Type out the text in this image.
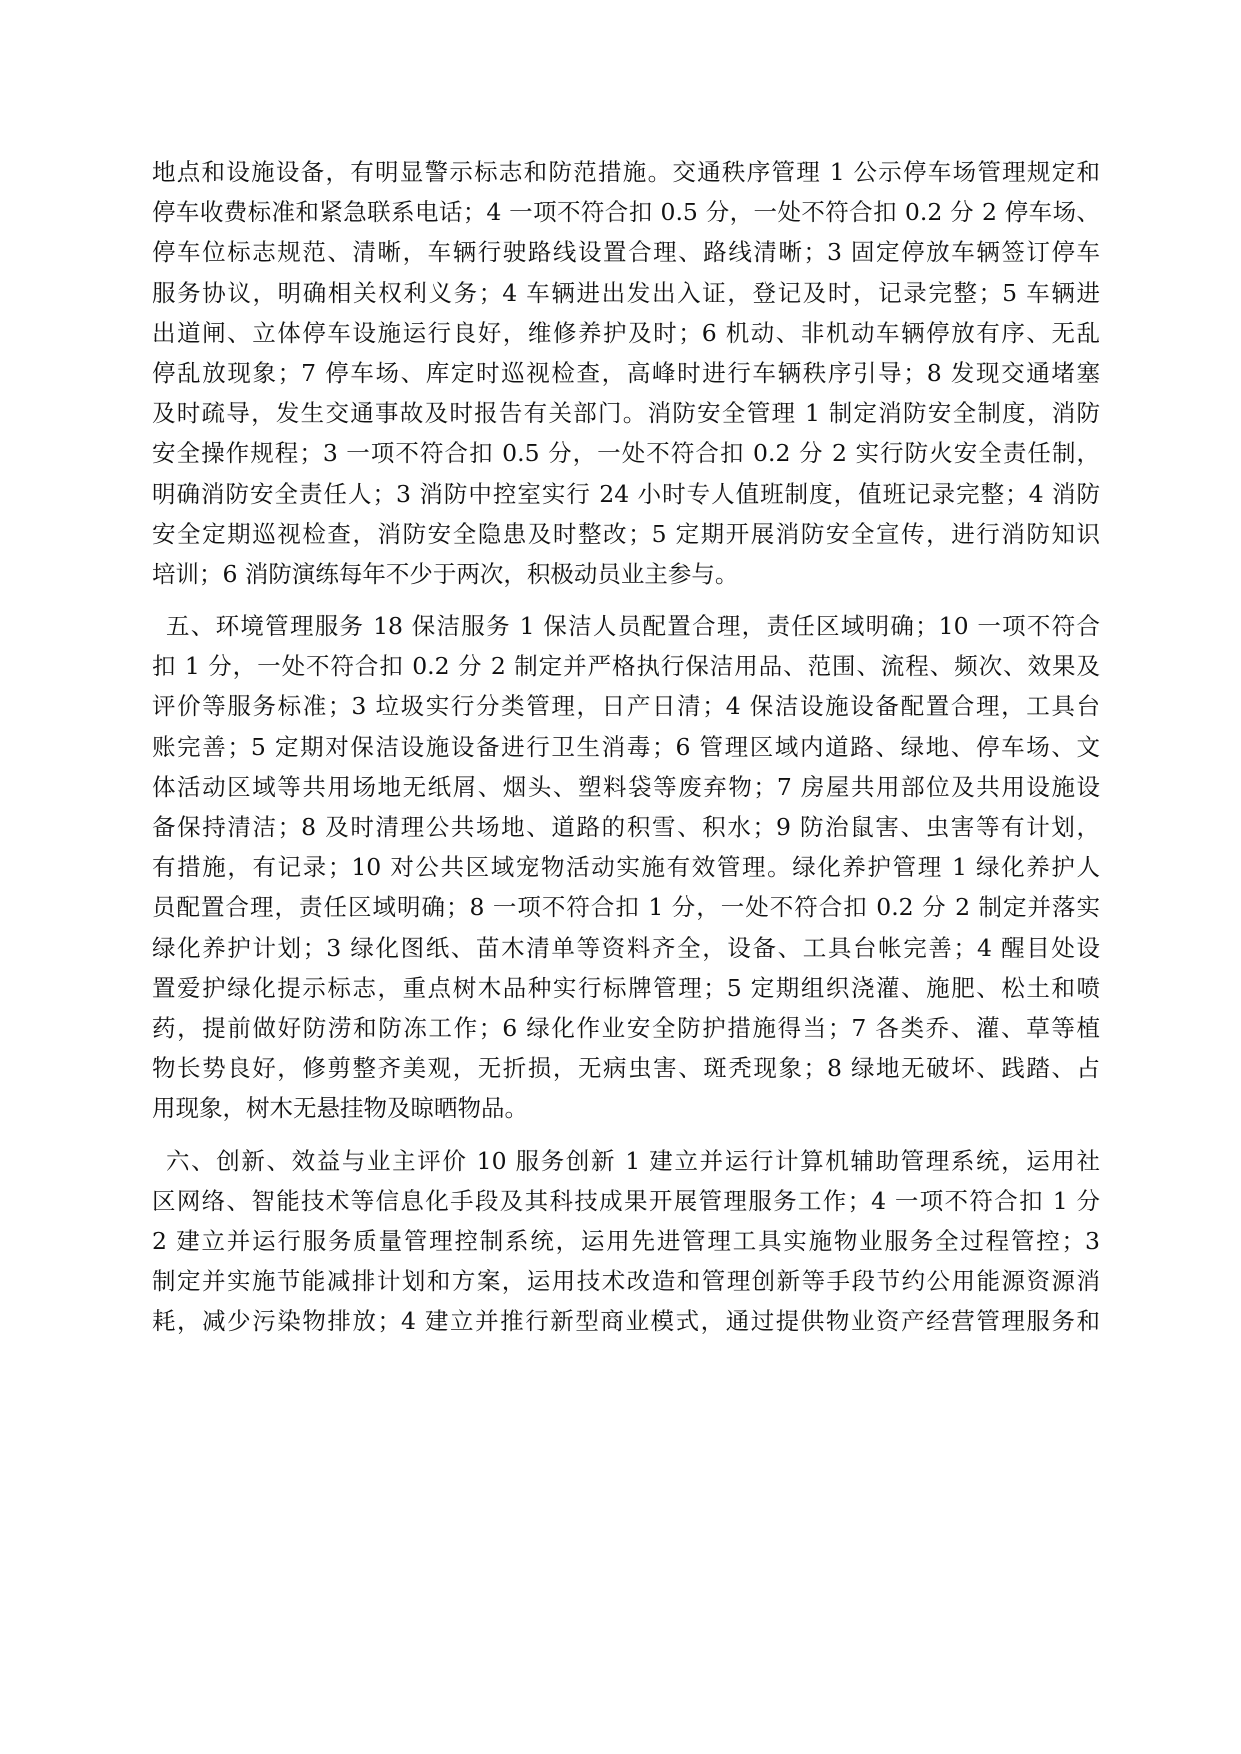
地点和设施设备，有明显警示标志和防范措施。交通秩序管理 1 公示停车场管理规定和
停车收费标准和紧急联系电话；4 一项不符合扣 0.5 分，一处不符合扣 0.2 分 2 停车场、
停车位标志规范、清晰，车辆行驶路线设置合理、路线清晰；3 固定停放车辆签订停车
服务协议，明确相关权利义务；4 车辆进出发出入证，登记及时，记录完整；5 车辆进
出道闸、立体停车设施运行良好，维修养护及时；6 机动、非机动车辆停放有序、无乱
停乱放现象；7 停车场、库定时巡视检查，高峰时进行车辆秩序引导；8 发现交通堵塞
及时疏导，发生交通事故及时报告有关部门。消防安全管理 1 制定消防安全制度，消防
安全操作规程；3 一项不符合扣 0.5 分，一处不符合扣 0.2 分 2 实行防火安全责任制，
明确消防安全责任人；3 消防中控室实行 24 小时专人值班制度，值班记录完整；4 消防
安全定期巡视检查，消防安全隐患及时整改；5 定期开展消防安全宣传，进行消防知识
培训；6 消防演练每年不少于两次，积极动员业主参与。
五、环境管理服务 18 保洁服务 1 保洁人员配置合理，责任区域明确；10 一项不符合
扣 1 分，一处不符合扣 0.2 分 2 制定并严格执行保洁用品、范围、流程、频次、效果及
评价等服务标准；3 垃圾实行分类管理，日产日清；4 保洁设施设备配置合理，工具台
账完善；5 定期对保洁设施设备进行卫生消毒；6 管理区域内道路、绿地、停车场、文
体活动区域等共用场地无纸屑、烟头、塑料袋等废弃物；7 房屋共用部位及共用设施设
备保持清洁；8 及时清理公共场地、道路的积雪、积水；9 防治鼠害、虫害等有计划，
有措施，有记录；10 对公共区域宠物活动实施有效管理。绿化养护管理 1 绿化养护人
员配置合理，责任区域明确；8 一项不符合扣 1 分，一处不符合扣 0.2 分 2 制定并落实
绿化养护计划；3 绿化图纸、苗木清单等资料齐全，设备、工具台帐完善；4 醒目处设
置爱护绿化提示标志，重点树木品种实行标牌管理；5 定期组织浇灌、施肥、松土和喷
药，提前做好防涝和防冻工作；6 绿化作业安全防护措施得当；7 各类乔、灌、草等植
物长势良好，修剪整齐美观，无折损，无病虫害、斑秃现象；8 绿地无破坏、践踏、占
用现象，树木无悬挂物及晾晒物品。
六、创新、效益与业主评价 10 服务创新 1 建立并运行计算机辅助管理系统，运用社
区网络、智能技术等信息化手段及其科技成果开展管理服务工作；4 一项不符合扣 1 分
2 建立并运行服务质量管理控制系统，运用先进管理工具实施物业服务全过程管控；3
制定并实施节能减排计划和方案，运用技术改造和管理创新等手段节约公用能源资源消
耗，减少污染物排放；4 建立并推行新型商业模式，通过提供物业资产经营管理服务和
